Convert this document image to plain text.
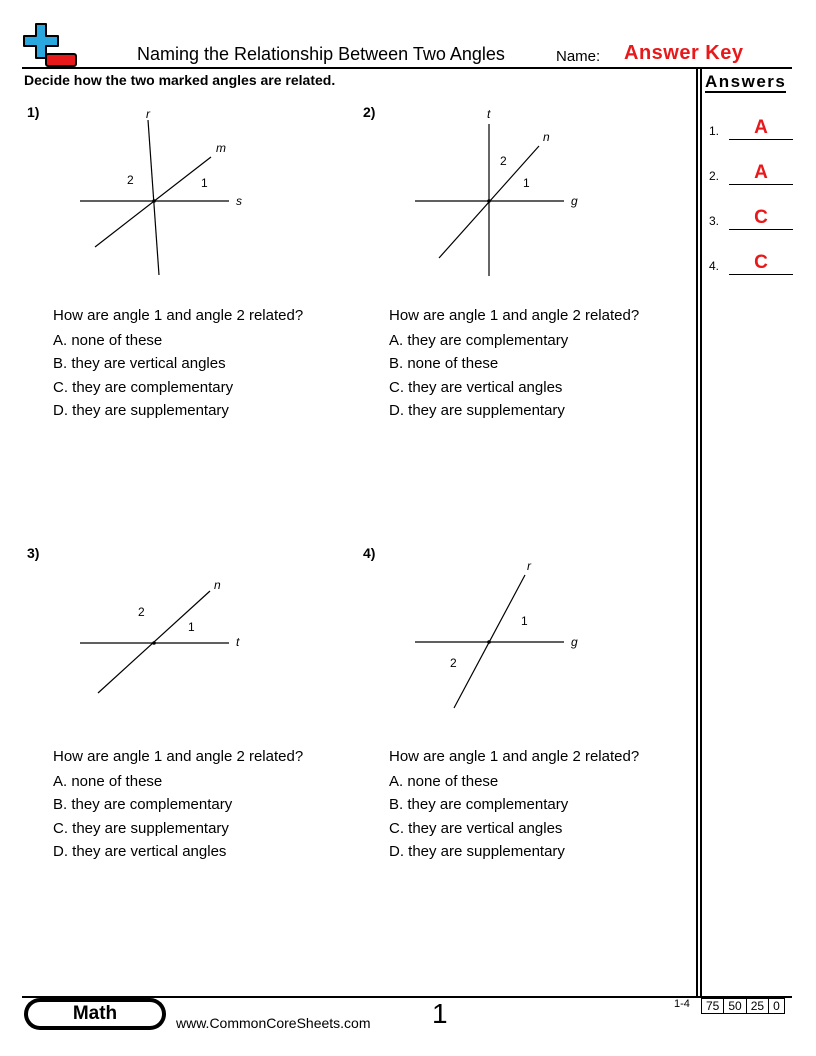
Naming the Relationship Between Two Angles	Name: Answer Key
Decide how the two marked angles are related.	Answers
1.	A
2.	A
3.	C
4.	C
1)	r
m
s
1
2
How are angle 1 and angle 2 related?
A. none of these
B. they are vertical angles
C. they are complementary
D. they are supplementary
2)	t
n
g
1
2
How are angle 1 and angle 2 related?
A. they are complementary
B. none of these
C. they are vertical angles
D. they are supplementary
3)
n
t
1
2
How are angle 1 and angle 2 related?
A. none of these
B. they are complementary
C. they are supplementary
D. they are vertical angles
4)
r
g
1
2
How are angle 1 and angle 2 related?
A. none of these
B. they are complementary
C. they are vertical angles
D. they are supplementary
Math	www.CommonCoreSheets.com 1	1-4	75 50 25 0
